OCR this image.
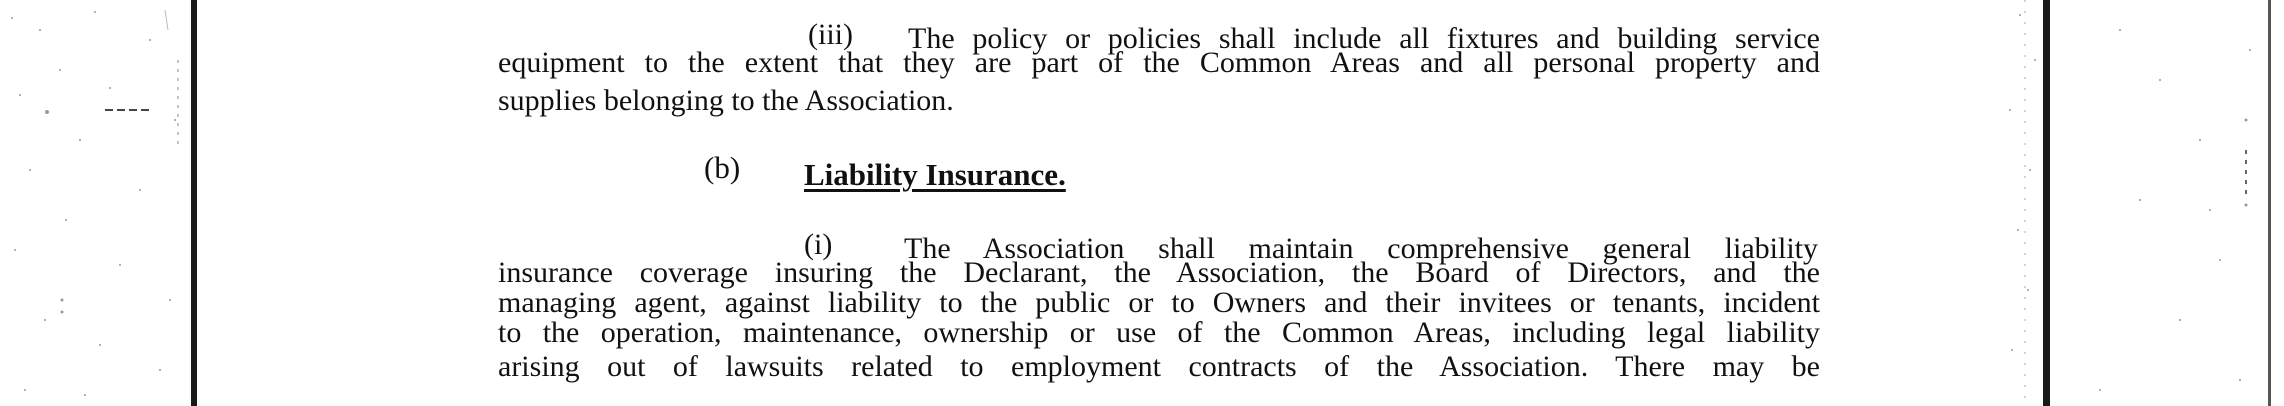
(iii) The policy or policies shall include all fixtures and building service
equipment to the extent that they are part of the Common Areas and all personal property and
supplies belonging to the Association.
(b) Liability Insurance.
(i) The Association shall maintain comprehensive general liability
insurance coverage insuring the Declarant, the Association, the Board of Directors, and the
managing agent, against liability to the public or to Owners and their invitees or tenants, incident
to the operation, maintenance, ownership or use of the Common Areas, including legal liability
arising out of lawsuits related to employment contracts of the Association. There may be
